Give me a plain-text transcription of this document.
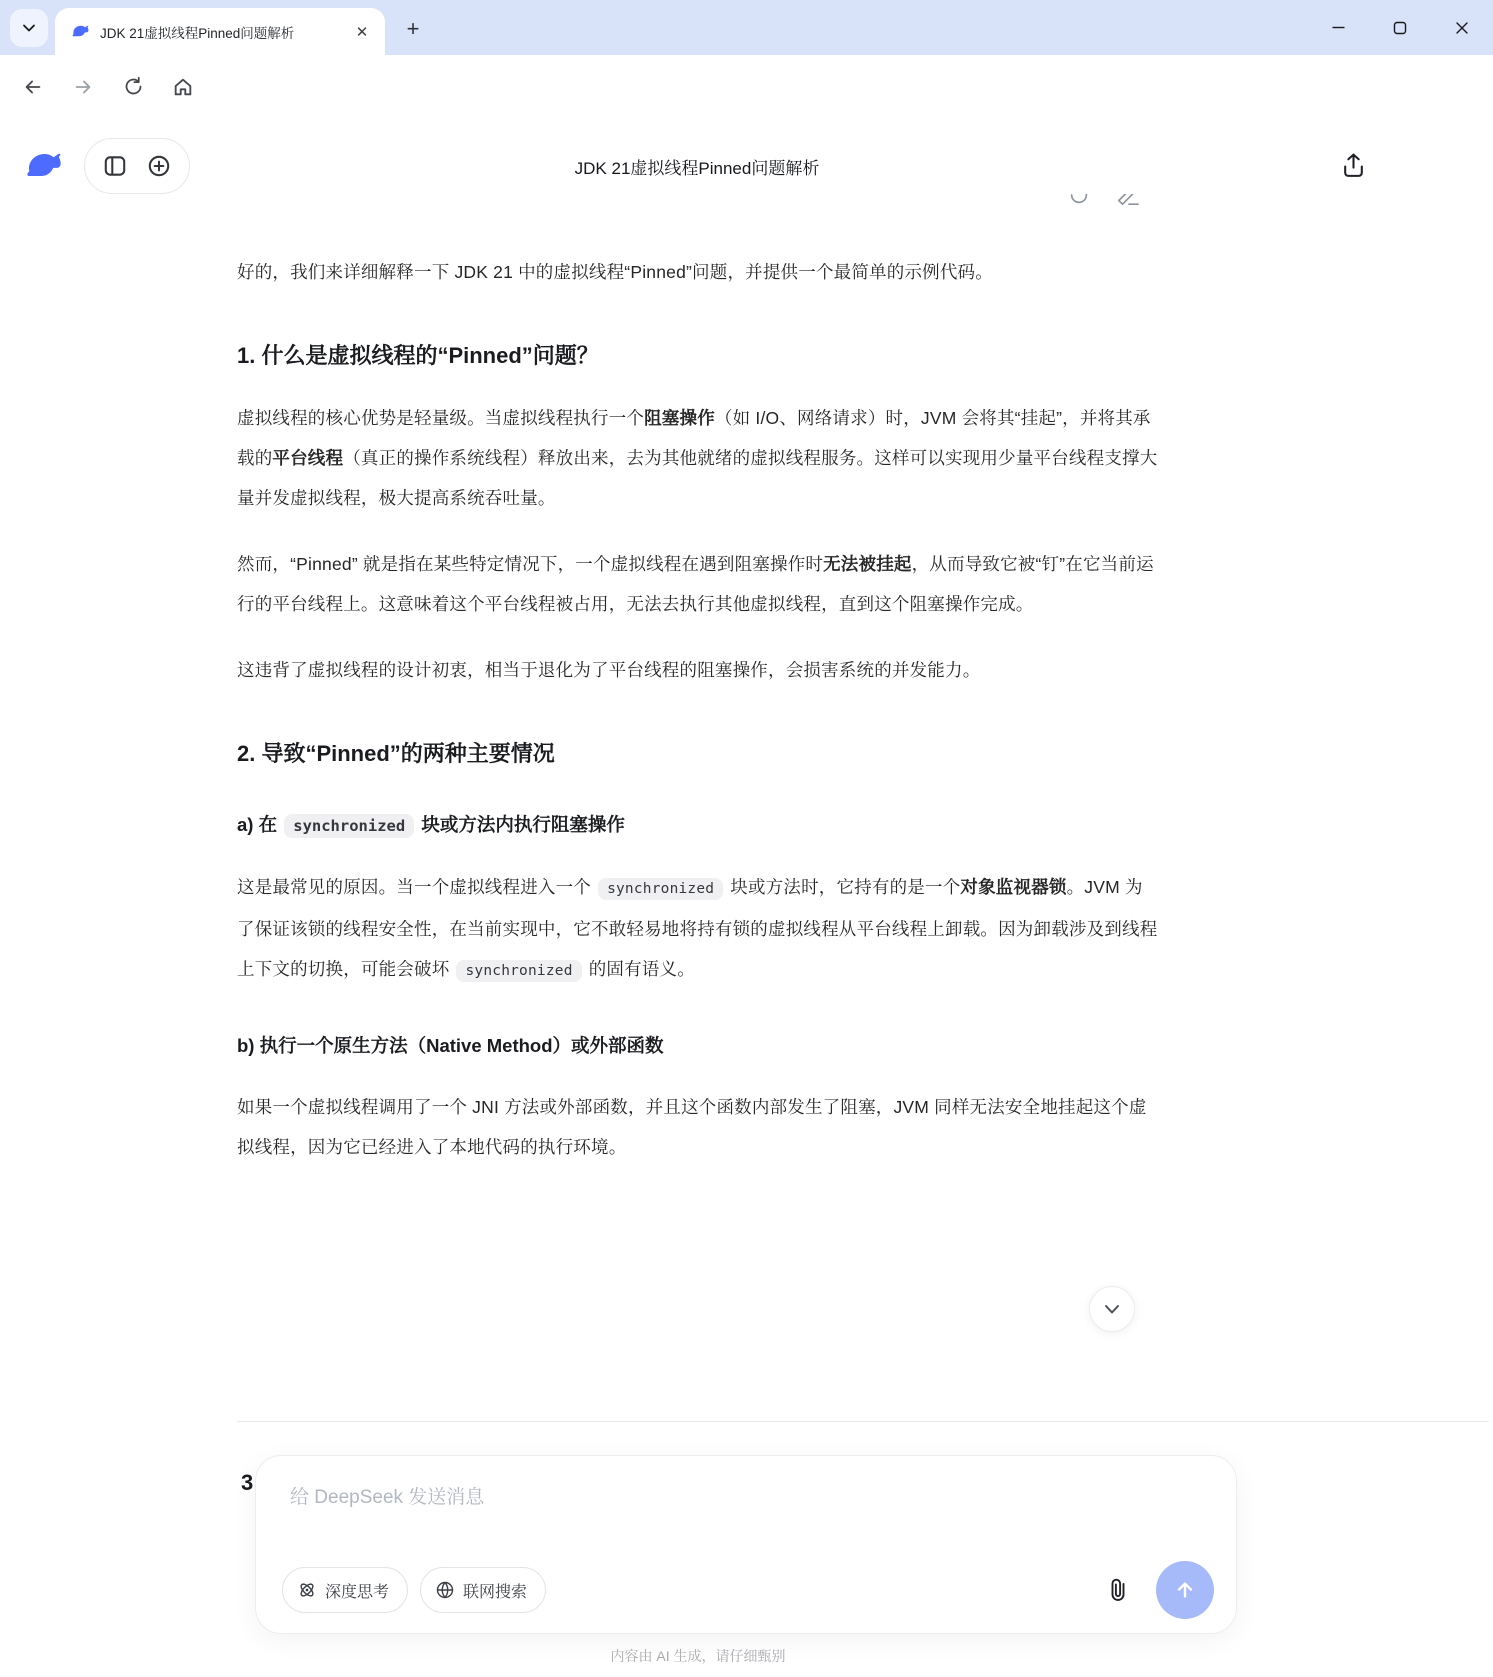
JDK 21虚拟线程Pinned问题解析	✕	+
JDK 21虚拟线程Pinned问题解析
好的，我们来详细解释一下 JDK 21 中的虚拟线程“Pinned”问题，并提供一个最简单的示例代码。
1. 什么是虚拟线程的“Pinned”问题？
虚拟线程的核心优势是轻量级。当虚拟线程执行一个阻塞操作（如 I/O、网络请求）时，JVM 会将其“挂起”，并将其承载的平台线程（真正的操作系统线程）释放出来，去为其他就绪的虚拟线程服务。这样可以实现用少量平台线程支撑大量并发虚拟线程，极大提高系统吞吐量。
然而，“Pinned” 就是指在某些特定情况下，一个虚拟线程在遇到阻塞操作时无法被挂起，从而导致它被“钉”在它当前运行的平台线程上。这意味着这个平台线程被占用，无法去执行其他虚拟线程，直到这个阻塞操作完成。
这违背了虚拟线程的设计初衷，相当于退化为了平台线程的阻塞操作，会损害系统的并发能力。
2. 导致“Pinned”的两种主要情况
a) 在 synchronized 块或方法内执行阻塞操作
这是最常见的原因。当一个虚拟线程进入一个 synchronized 块或方法时，它持有的是一个对象监视器锁。JVM 为了保证该锁的线程安全性，在当前实现中，它不敢轻易地将持有锁的虚拟线程从平台线程上卸载。因为卸载涉及到线程上下文的切换，可能会破坏 synchronized 的固有语义。
b) 执行一个原生方法（Native Method）或外部函数
如果一个虚拟线程调用了一个 JNI 方法或外部函数，并且这个函数内部发生了阻塞，JVM 同样无法安全地挂起这个虚拟线程，因为它已经进入了本地代码的执行环境。
3
给 DeepSeek 发送消息
深度思考	联网搜索
内容由 AI 生成，请仔细甄别
